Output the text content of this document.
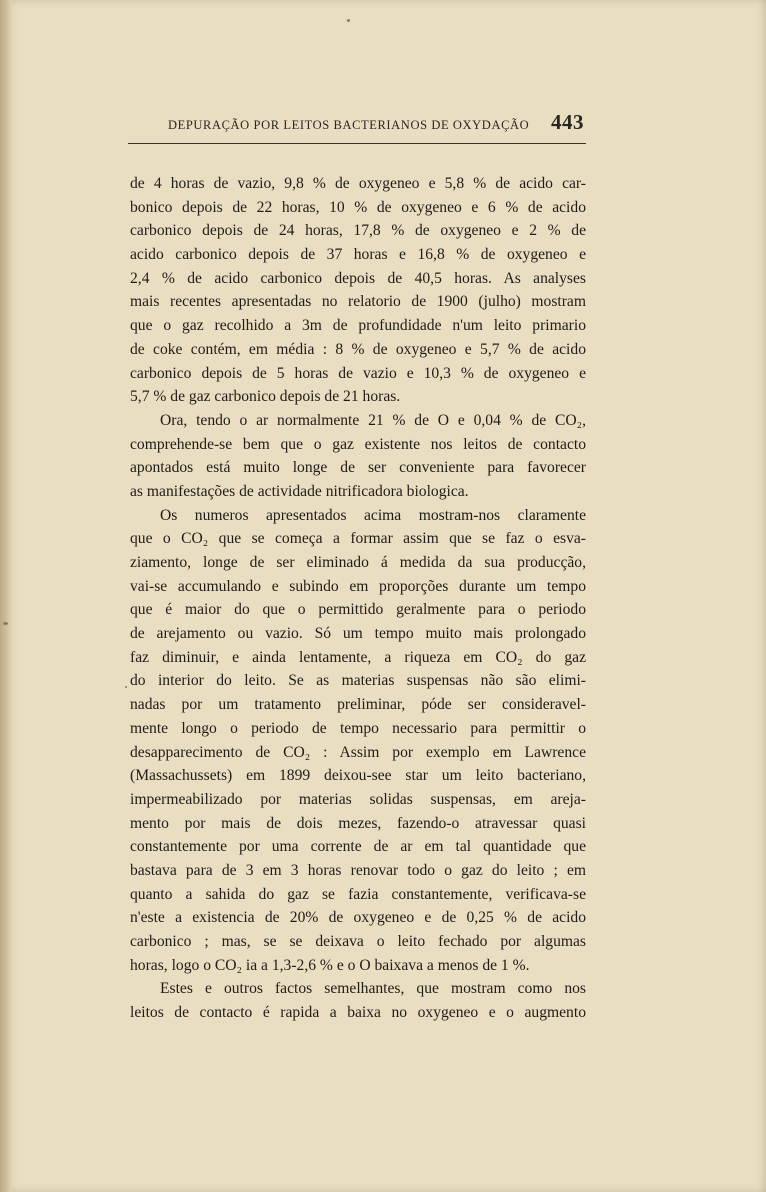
DEPURAÇÃO POR LEITOS BACTERIANOS DE OXYDAÇÃO 443
de 4 horas de vazio, 9,8 % de oxygeneo e 5,8 % de acido car-
bonico depois de 22 horas, 10 % de oxygeneo e 6 % de acido
carbonico depois de 24 horas, 17,8 % de oxygeneo e 2 % de
acido carbonico depois de 37 horas e 16,8 % de oxygeneo e
2,4 % de acido carbonico depois de 40,5 horas. As analyses
mais recentes apresentadas no relatorio de 1900 (julho) mostram
que o gaz recolhido a 3m de profundidade n'um leito primario
de coke contém, em média : 8 % de oxygeneo e 5,7 % de acido
carbonico depois de 5 horas de vazio e 10,3 % de oxygeneo e
5,7 % de gaz carbonico depois de 21 horas.
Ora, tendo o ar normalmente 21 % de O e 0,04 % de CO₂,
comprehende-se bem que o gaz existente nos leitos de contacto
apontados está muito longe de ser conveniente para favorecer
as manifestações de actividade nitrificadora biologica.
Os numeros apresentados acima mostram-nos claramente
que o CO₂ que se começa a formar assim que se faz o esva-
ziamento, longe de ser eliminado á medida da sua producção,
vai-se accumulando e subindo em proporções durante um tempo
que é maior do que o permittido geralmente para o periodo
de arejamento ou vazio. Só um tempo muito mais prolongado
faz diminuir, e ainda lentamente, a riqueza em CO₂ do gaz
do interior do leito. Se as materias suspensas não são elimi-
nadas por um tratamento preliminar, póde ser consideravel-
mente longo o periodo de tempo necessario para permittir o
desapparecimento de CO₂ : Assim por exemplo em Lawrence
(Massachussets) em 1899 deixou-see star um leito bacteriano,
impermeabilizado por materias solidas suspensas, em areja-
mento por mais de dois mezes, fazendo-o atravessar quasi
constantemente por uma corrente de ar em tal quantidade que
bastava para de 3 em 3 horas renovar todo o gaz do leito ; em
quanto a sahida do gaz se fazia constantemente, verificava-se
n'este a existencia de 20% de oxygeneo e de 0,25 % de acido
carbonico ; mas, se se deixava o leito fechado por algumas
horas, logo o CO₂ ia a 1,3-2,6 % e o O baixava a menos de 1 %.
Estes e outros factos semelhantes, que mostram como nos
leitos de contacto é rapida a baixa no oxygeneo e o augmento
